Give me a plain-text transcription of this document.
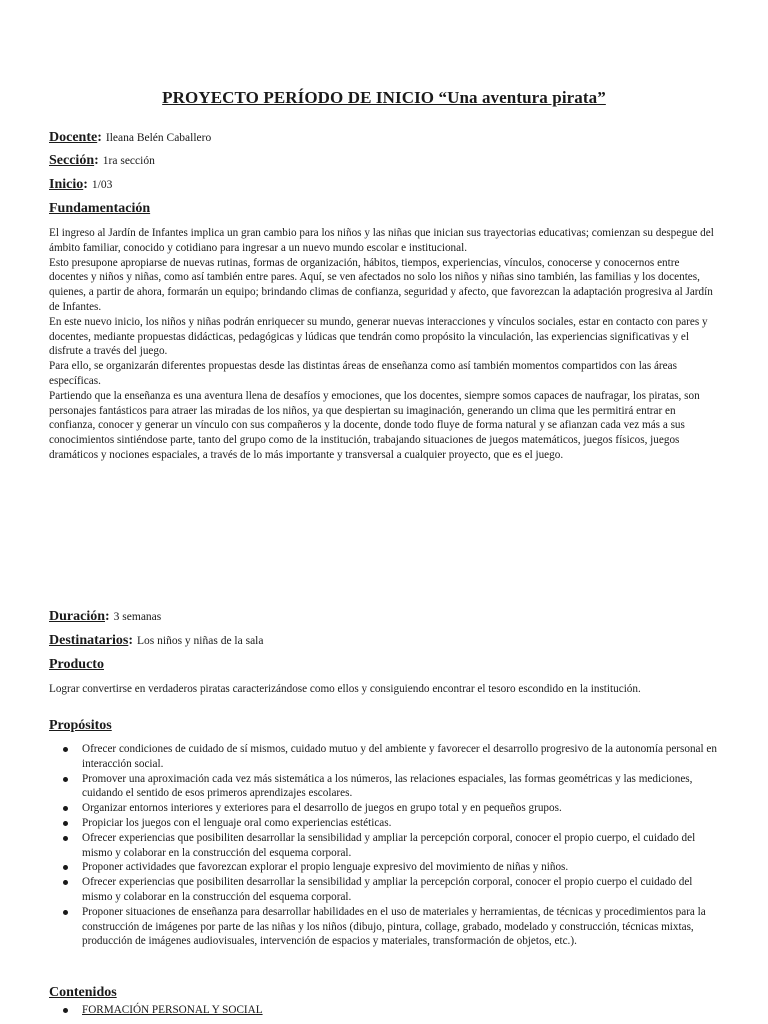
PROYECTO PERÍODO DE INICIO “Una aventura pirata”
Docente: Ileana Belén Caballero
Sección: 1ra sección
Inicio: 1/03
Fundamentación

El ingreso al Jardín de Infantes implica un gran cambio para los niños y las niñas que inician sus trayectorias educativas; comienzan su despegue del ámbito familiar, conocido y cotidiano para ingresar a un nuevo mundo escolar e institucional.

Esto presupone apropiarse de nuevas rutinas, formas de organización, hábitos, tiempos, experiencias, vínculos, conocerse y conocernos entre docentes y niños y niñas, como así también entre pares. Aquí, se ven afectados no solo los niños y niñas sino también, las familias y los docentes, quienes, a partir de ahora, formarán un equipo; brindando climas de confianza, seguridad y afecto, que favorezcan la adaptación progresiva al Jardín de Infantes.

En este nuevo inicio, los niños y niñas podrán enriquecer su mundo, generar nuevas interacciones y vínculos sociales, estar en contacto con pares y docentes, mediante propuestas didácticas, pedagógicas y lúdicas que tendrán como propósito la vinculación, las experiencias significativas y el disfrute a través del juego.

Para ello, se organizarán diferentes propuestas desde las distintas áreas de enseñanza como así también momentos compartidos con las áreas específicas.

Partiendo que la enseñanza es una aventura llena de desafíos y emociones, que los docentes, siempre somos capaces de naufragar, los piratas, son personajes fantásticos para atraer las miradas de los niños, ya que despiertan su imaginación, generando un clima que les permitirá entrar en confianza, conocer y generar un vínculo con sus compañeros y la docente, donde todo fluye de forma natural y se afianzan cada vez más a sus conocimientos sintiéndose parte, tanto del grupo como de la institución, trabajando situaciones de juegos matemáticos, juegos físicos, juegos dramáticos y nociones espaciales, a través de lo más importante y transversal a cualquier proyecto, que es el juego.

Duración: 3 semanas
Destinatarios: Los niños y niñas de la sala
Producto
Lograr convertirse en verdaderos piratas caracterizándose como ellos y consiguiendo encontrar el tesoro escondido en la institución.
Propósitos
Ofrecer condiciones de cuidado de sí mismos, cuidado mutuo y del ambiente y favorecer el desarrollo progresivo de la autonomía personal en interacción social.
Promover una aproximación cada vez más sistemática a los números, las relaciones espaciales, las formas geométricas y las mediciones, cuidando el sentido de esos primeros aprendizajes escolares.
Organizar entornos interiores y exteriores para el desarrollo de juegos en grupo total y en pequeños grupos.
Propiciar los juegos con el lenguaje oral como experiencias estéticas.
Ofrecer experiencias que posibiliten desarrollar la sensibilidad y ampliar la percepción corporal, conocer el propio cuerpo, el cuidado del mismo y colaborar en la construcción del esquema corporal.
Proponer actividades que favorezcan explorar el propio lenguaje expresivo del movimiento de niñas y niños.
Ofrecer experiencias que posibiliten desarrollar la sensibilidad y ampliar la percepción corporal, conocer el propio cuerpo el cuidado del mismo y colaborar en la construcción del esquema corporal.
Proponer situaciones de enseñanza para desarrollar habilidades en el uso de materiales y herramientas, de técnicas y procedimientos para la construcción de imágenes por parte de las niñas y los niños (dibujo, pintura, collage, grabado, modelado y construcción, técnicas mixtas, producción de imágenes audiovisuales, intervención de espacios y materiales, transformación de objetos, etc.).
Contenidos
FORMACIÓN PERSONAL Y SOCIAL
